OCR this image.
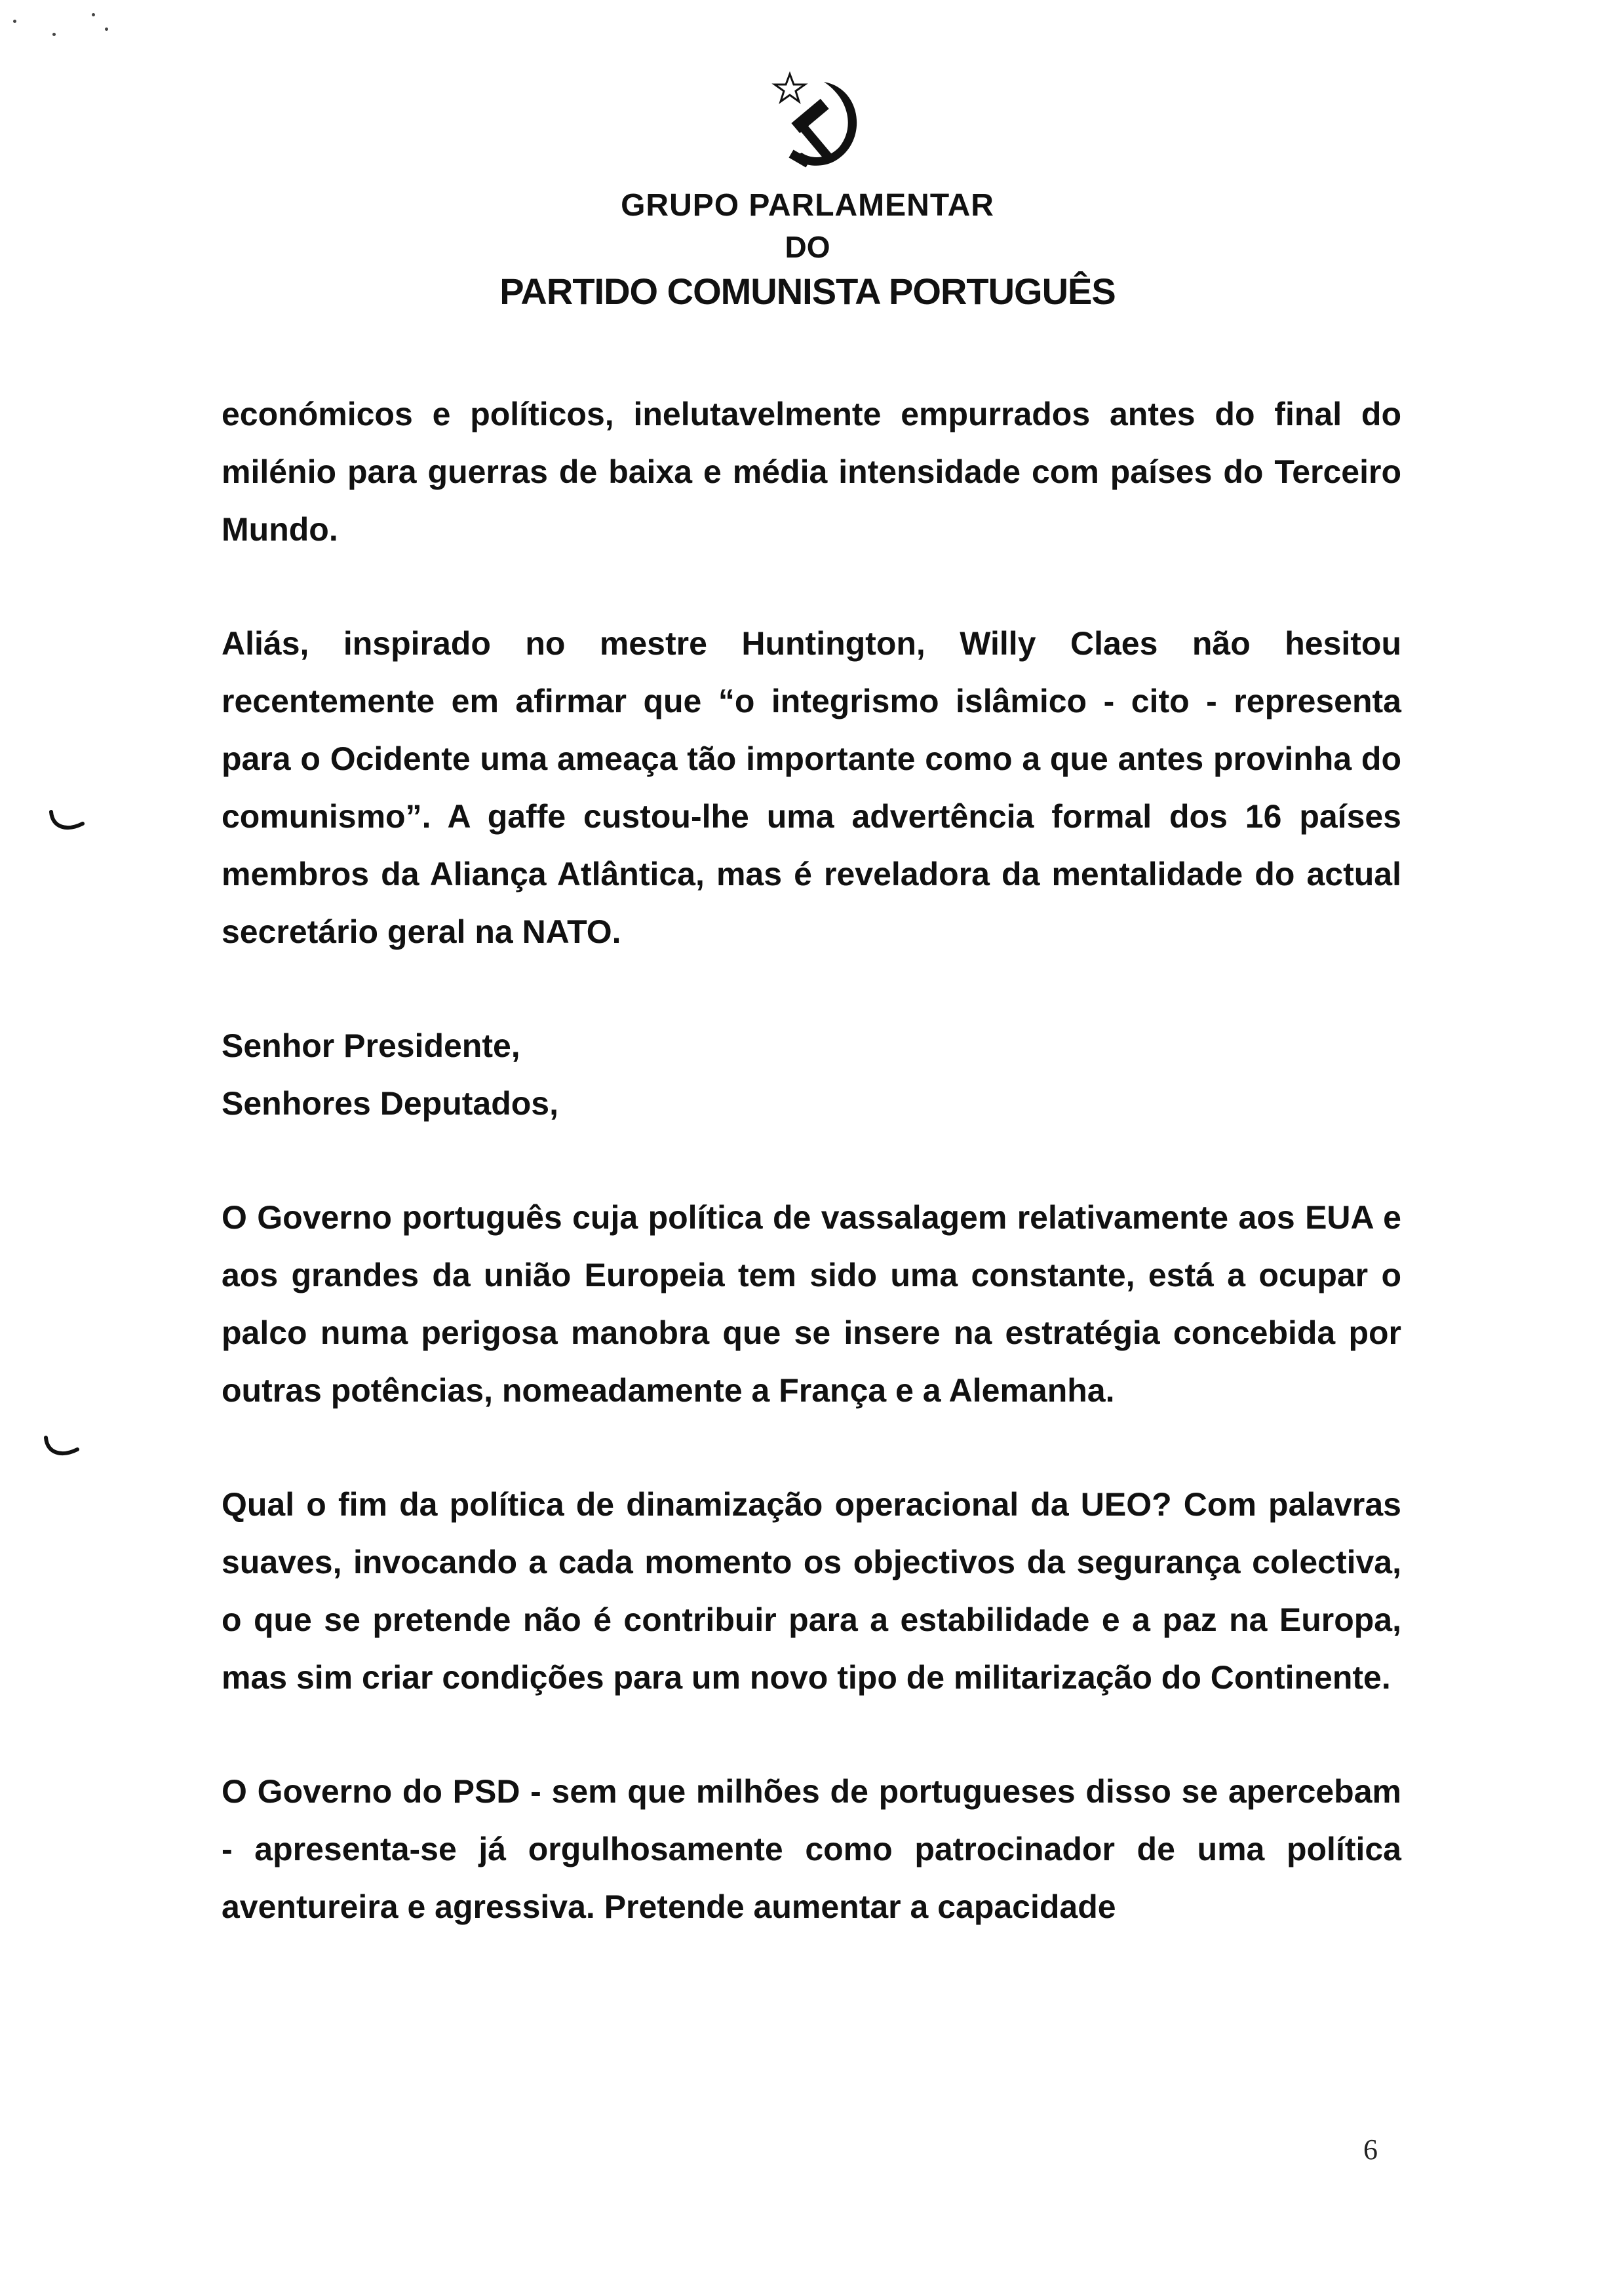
GRUPO PARLAMENTAR
DO
PARTIDO COMUNISTA PORTUGUÊS

económicos e políticos, inelutavelmente empurrados antes do final do milénio para guerras de baixa e média intensidade com países do Terceiro Mundo.

Aliás, inspirado no mestre Huntington, Willy Claes não hesitou recentemente em afirmar que “o integrismo islâmico - cito - representa para o Ocidente uma ameaça tão importante como a que antes provinha do comunismo”. A gaffe custou-lhe uma advertência formal dos 16 países membros da Aliança Atlântica, mas é reveladora da mentalidade do actual secretário geral na NATO.

Senhor Presidente,

Senhores Deputados,

O Governo português cuja política de vassalagem relativamente aos EUA e aos grandes da união Europeia tem sido uma constante, está a ocupar o palco numa perigosa manobra que se insere na estratégia concebida por outras potências, nomeadamente a França e a Alemanha.

Qual o fim da política de dinamização operacional da UEO? Com palavras suaves, invocando a cada momento os objectivos da segurança colectiva, o que se pretende não é contribuir para a estabilidade e a paz na Europa, mas sim criar condições para um novo tipo de militarização do Continente.

O Governo do PSD - sem que milhões de portugueses disso se apercebam - apresenta-se já orgulhosamente como patrocinador de uma política aventureira e agressiva. Pretende aumentar a capacidade

6
